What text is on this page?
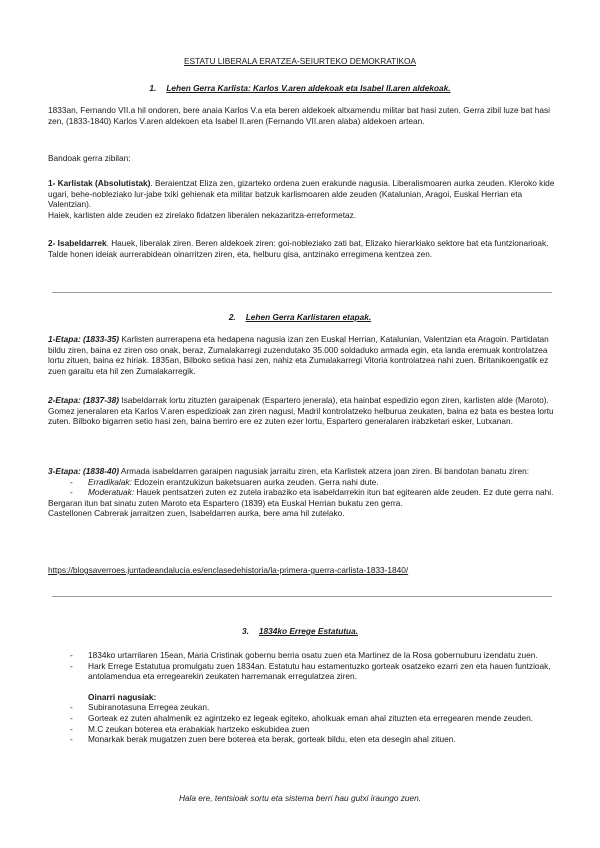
ESTATU LIBERALA ERATZEA-SEIURTEKO DEMOKRATIKOA
1. Lehen Gerra Karlista: Karlos V.aren aldekoak eta Isabel II.aren aldekoak.

1833an, Fernando VII.a hil ondoren, bere anaia Karlos V.a eta beren aldekoek altxamendu militar bat hasi zuten. Gerra zibil luze bat hasi zen, (1833-1840) Karlos V.aren aldekoen eta Isabel II.aren (Fernando VII.aren alaba) aldekoen artean.

Bandoak gerra zibilan:

1- Karlistak (Absolutistak). Beraientzat Eliza zen, gizarteko ordena zuen erakunde nagusia. Liberalismoaren aurka zeuden. Kleroko kide ugari, behe-nobleziako lur-jabe txiki gehienak eta militar batzuk karlismoaren alde zeuden (Katalunian, Aragoi, Euskal Herrian eta Valentzian).

Haiek, karlisten alde zeuden ez zirelako fidatzen liberalen nekazaritza-erreformetaz.

2- Isabeldarrek. Hauek, liberalak ziren. Beren aldekoek ziren: goi-nobleziako zati bat, Elizako hierarkiako sektore bat eta funtzionarioak. Talde honen ideiak aurrerabidean oinarritzen ziren, eta, helburu gisa, antzinako erregimena kentzea zen.

2. Lehen Gerra Karlistaren etapak.

1-Etapa: (1833-35) Karlisten aurrerapena eta hedapena nagusia izan zen Euskal Herrian, Katalunian, Valentzian eta Aragoin. Partidatan bildu ziren, baina ez ziren oso onak, beraz, Zumalakarregi zuzendutako 35.000 soldaduko armada egin, eta landa eremuak kontrolatzea lortu zituen, baina ez hiriak. 1835an, Bilboko setioa hasi zen, nahiz eta Zumalakarregi Vitoria kontrolatzea nahi zuen. Britanikoengatik ez zuen garaitu eta hil zen Zumalakarregik.

2-Etapa: (1837-38) Isabeldarrak lortu zituzten garaipenak (Espartero jenerala), eta hainbat espedizio egon ziren, karlisten alde (Maroto).

Gomez jeneralaren eta Karlos V.aren espedizioak zan ziren nagusi, Madril kontrolatzeko helburua zeukaten, baina ez bata es bestea lortu zuten. Bilboko bigarren setio hasi zen, baina berriro ere ez zuten ezer lortu, Espartero generalaren irabzketari esker, Lutxanan.

3-Etapa: (1838-40) Armada isabeldarren garaipen nagusiak jarraitu ziren, eta Karlistek atzera joan ziren. Bi bandotan banatu ziren:

- Erradikalak: Edozein erantzukizun baketsuaren aurka zeuden. Gerra nahi dute.
- Moderatuak: Hauek pentsatzen zuten ez zutela irabaziko eta isabeldarrekin itun bat egitearen alde zeuden. Ez dute gerra nahi.

Bergaran itun bat sinatu zuten Maroto eta Espartero (1839) eta Euskal Herrian bukatu zen gerra.

Castellonen Cabrerak jarraitzen zuen, Isabeldarren aurka, bere ama hil zutelako.

https://blogsaverroes.juntadeandalucia.es/enclasedehistoria/la-primera-guerra-carlista-1833-1840/

3. 1834ko Errege Estatutua.
- 1834ko urtarrilaren 15ean, Maria Cristinak gobernu berria osatu zuen eta Martinez de la Rosa gobernuburu izendatu zuen.
- Hark Errege Estatutua promulgatu zuen 1834an. Estatutu hau estamentuzko gorteak osatzeko ezarri zen eta hauen funtzioak, antolamendua eta erregearekin zeukaten harremanak erregulatzea ziren.

Oinarri nagusiak:

- Subiranotasuna Erregea zeukan.
- Gorteak ez zuten ahalmenik ez agintzeko ez legeak egiteko, aholkuak eman ahal zituzten eta erregearen mende zeuden.
- M.C zeukan boterea eta erabakiak hartzeko eskubidea zuen
- Monarkak berak mugatzen zuen bere boterea eta berak, gorteak bildu, eten eta desegin ahal zituen.

Hala ere, tentsioak sortu eta sistema berri hau gutxi iraungo zuen.
